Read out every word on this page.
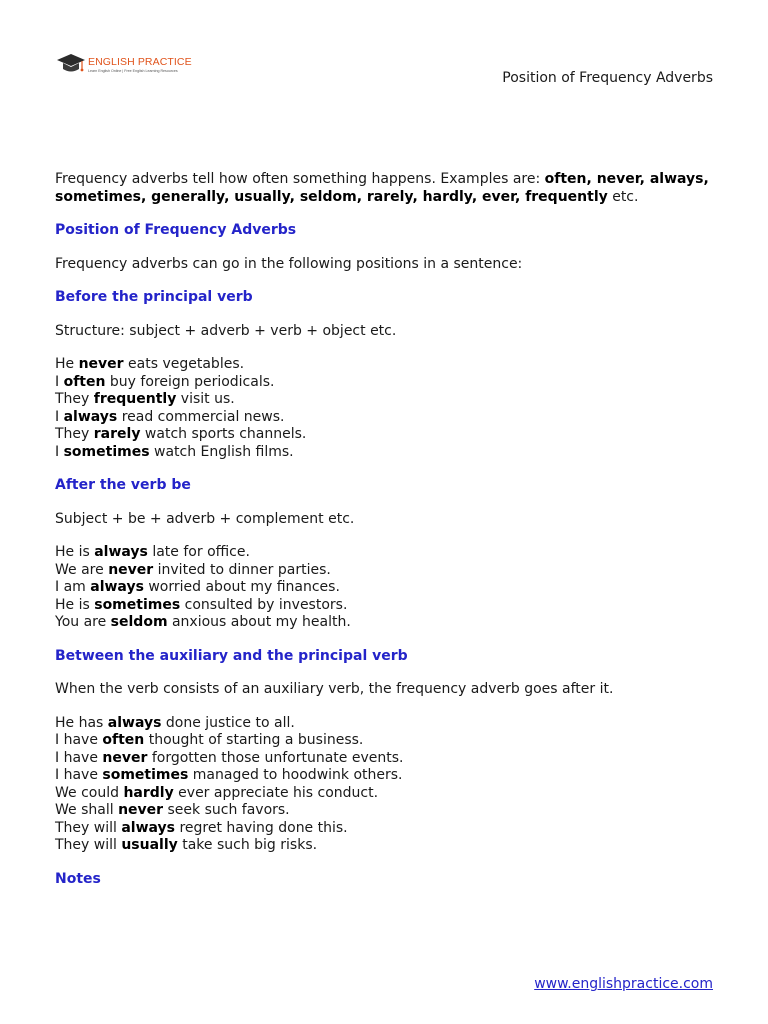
ENGLISH PRACTICE
Learn English Online | Free English Learning Resources	Position of Frequency Adverbs

Frequency adverbs tell how often something happens. Examples are: often, never, always, sometimes, generally, usually, seldom, rarely, hardly, ever, frequently etc.

Position of Frequency Adverbs

Frequency adverbs can go in the following positions in a sentence:

Before the principal verb

Structure: subject + adverb + verb + object etc.

He never eats vegetables.

I often buy foreign periodicals.

They frequently visit us.

I always read commercial news.

They rarely watch sports channels.

I sometimes watch English films.

After the verb be

Subject + be + adverb + complement etc.

He is always late for office.

We are never invited to dinner parties.

I am always worried about my finances.

He is sometimes consulted by investors.

You are seldom anxious about my health.

Between the auxiliary and the principal verb

When the verb consists of an auxiliary verb, the frequency adverb goes after it.

He has always done justice to all.

I have often thought of starting a business.

I have never forgotten those unfortunate events.

I have sometimes managed to hoodwink others.

We could hardly ever appreciate his conduct.

We shall never seek such favors.

They will always regret having done this.

They will usually take such big risks.

Notes

www.englishpractice.com
